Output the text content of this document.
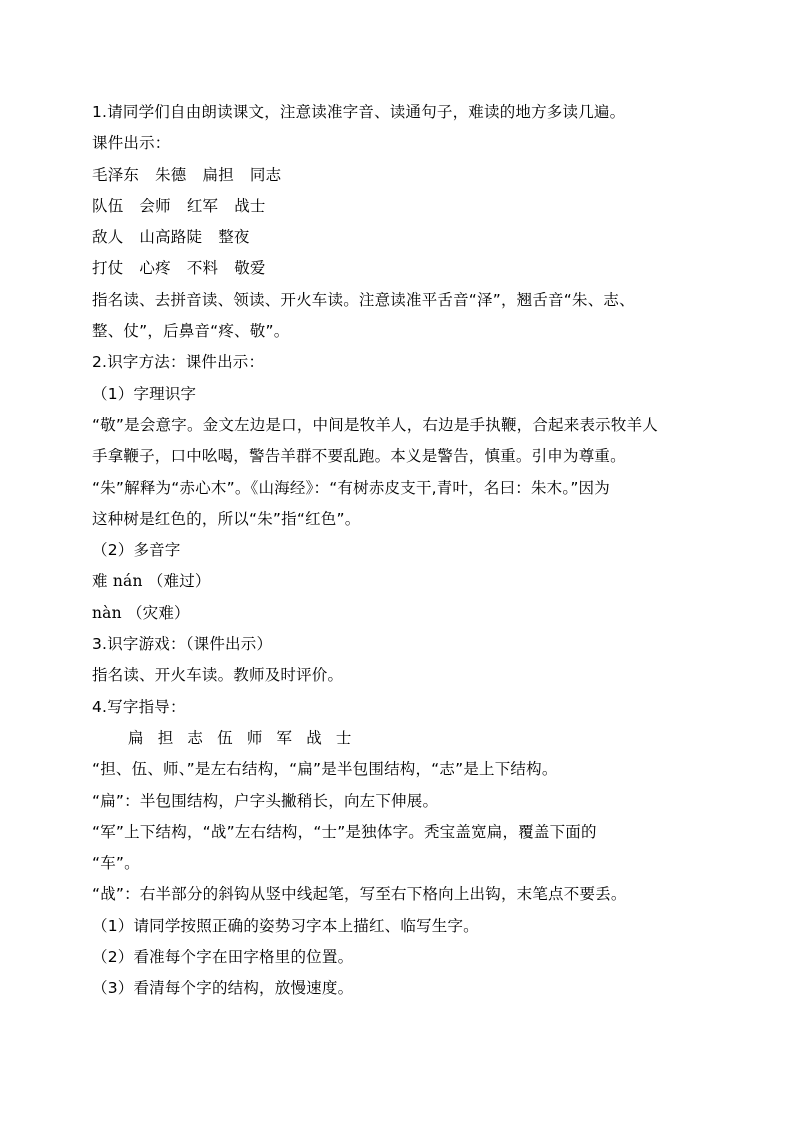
1.请同学们自由朗读课文，注意读准字音、读通句子，难读的地方多读几遍。
课件出示：
毛泽东 朱德 扁担 同志
队伍 会师 红军 战士
敌人 山高路陡 整夜
打仗 心疼 不料 敬爱
指名读、去拼音读、领读、开火车读。注意读准平舌音“泽”，翘舌音“朱、志、
整、仗”，后鼻音“疼、敬”。
2.识字方法：课件出示：
（1）字理识字
“敬”是会意字。金文左边是口，中间是牧羊人，右边是手执鞭，合起来表示牧羊人
手拿鞭子，口中吆喝，警告羊群不要乱跑。本义是警告，慎重。引申为尊重。
“朱”解释为“赤心木”。《山海经》：“有树赤皮支干,青叶，名曰：朱木。”因为
这种树是红色的，所以“朱”指“红色”。
（2）多音字
难 nán （难过）
nàn （灾难）
3.识字游戏：（课件出示）
指名读、开火车读。教师及时评价。
4.写字指导：
扁 担 志 伍 师 军 战 士
“担、伍、师、”是左右结构，“扁”是半包围结构，“志”是上下结构。
“扁”：半包围结构，户字头撇稍长，向左下伸展。
“军”上下结构，“战”左右结构，“士”是独体字。秃宝盖宽扁，覆盖下面的
“车”。
“战”：右半部分的斜钩从竖中线起笔，写至右下格向上出钩，末笔点不要丢。
（1）请同学按照正确的姿势习字本上描红、临写生字。
（2）看准每个字在田字格里的位置。
（3）看清每个字的结构，放慢速度。
